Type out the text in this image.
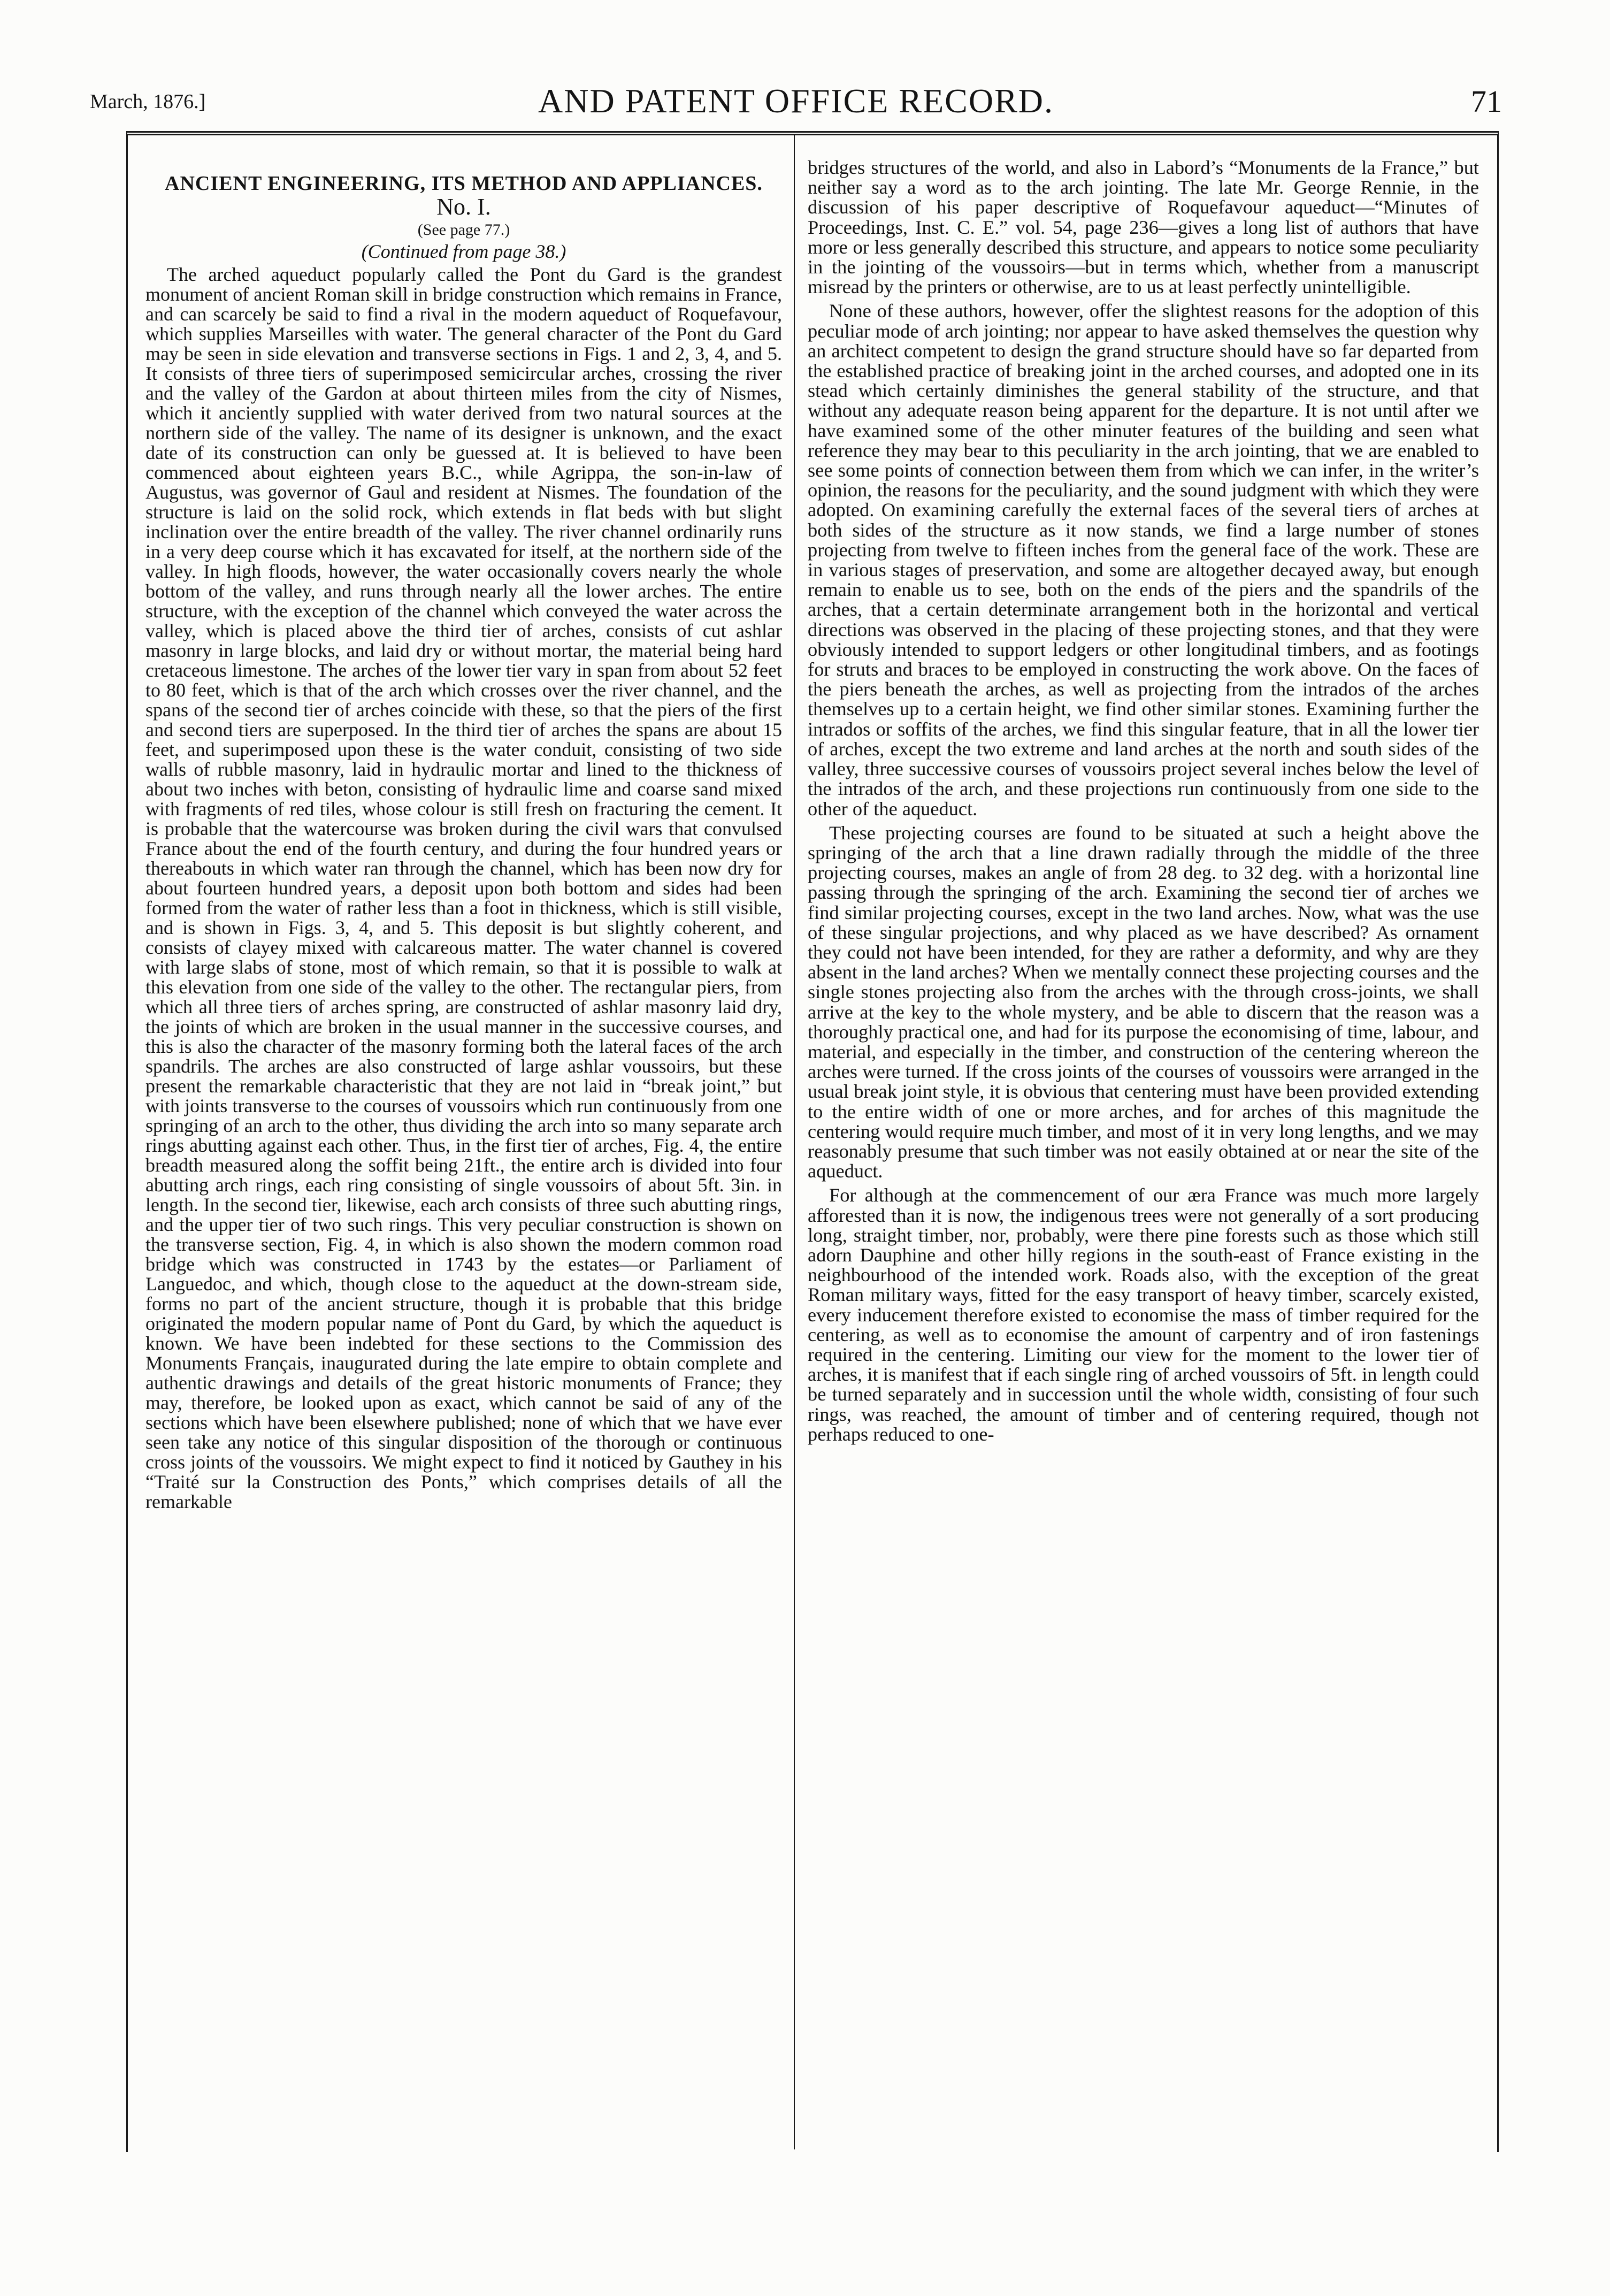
March, 1876.]	AND PATENT OFFICE RECORD.	71
ANCIENT ENGINEERING, ITS METHOD AND APPLIANCES.
No. I.
(See page 77.)
(Continued from page 38.)

The arched aqueduct popularly called the Pont du Gard is the grandest monument of ancient Roman skill in bridge construction which remains in France, and can scarcely be said to find a rival in the modern aqueduct of Roquefavour, which supplies Marseilles with water. The general character of the Pont du Gard may be seen in side elevation and transverse sections in Figs. 1 and 2, 3, 4, and 5. It consists of three tiers of superimposed semicircular arches, crossing the river and the valley of the Gardon at about thirteen miles from the city of Nismes, which it anciently supplied with water derived from two natural sources at the northern side of the valley. The name of its designer is unknown, and the exact date of its construction can only be guessed at. It is believed to have been commenced about eighteen years B.C., while Agrippa, the son-in-law of Augustus, was governor of Gaul and resident at Nismes. The foundation of the structure is laid on the solid rock, which extends in flat beds with but slight inclination over the entire breadth of the valley. The river channel ordinarily runs in a very deep course which it has excavated for itself, at the northern side of the valley. In high floods, however, the water occasionally covers nearly the whole bottom of the valley, and runs through nearly all the lower arches. The entire structure, with the exception of the channel which conveyed the water across the valley, which is placed above the third tier of arches, consists of cut ashlar masonry in large blocks, and laid dry or without mortar, the material being hard cretaceous limestone. The arches of the lower tier vary in span from about 52 feet to 80 feet, which is that of the arch which crosses over the river channel, and the spans of the second tier of arches coincide with these, so that the piers of the first and second tiers are superposed. In the third tier of arches the spans are about 15 feet, and superimposed upon these is the water conduit, consisting of two side walls of rubble masonry, laid in hydraulic mortar and lined to the thickness of about two inches with beton, consisting of hydraulic lime and coarse sand mixed with fragments of red tiles, whose colour is still fresh on fracturing the cement. It is probable that the watercourse was broken during the civil wars that convulsed France about the end of the fourth century, and during the four hundred years or thereabouts in which water ran through the channel, which has been now dry for about fourteen hundred years, a deposit upon both bottom and sides had been formed from the water of rather less than a foot in thickness, which is still visible, and is shown in Figs. 3, 4, and 5. This deposit is but slightly coherent, and consists of clayey mixed with calcareous matter. The water channel is covered with large slabs of stone, most of which remain, so that it is possible to walk at this elevation from one side of the valley to the other. The rectangular piers, from which all three tiers of arches spring, are constructed of ashlar masonry laid dry, the joints of which are broken in the usual manner in the successive courses, and this is also the character of the masonry forming both the lateral faces of the arch spandrils. The arches are also constructed of large ashlar voussoirs, but these present the remarkable characteristic that they are not laid in “break joint,” but with joints transverse to the courses of voussoirs which run continuously from one springing of an arch to the other, thus dividing the arch into so many separate arch rings abutting against each other. Thus, in the first tier of arches, Fig. 4, the entire breadth measured along the soffit being 21ft., the entire arch is divided into four abutting arch rings, each ring consisting of single voussoirs of about 5ft. 3in. in length. In the second tier, likewise, each arch consists of three such abutting rings, and the upper tier of two such rings. This very peculiar construction is shown on the transverse section, Fig. 4, in which is also shown the modern common road bridge which was constructed in 1743 by the estates—or Parliament of Languedoc, and which, though close to the aqueduct at the down-stream side, forms no part of the ancient structure, though it is probable that this bridge originated the modern popular name of Pont du Gard, by which the aqueduct is known. We have been indebted for these sections to the Commission des Monuments Français, inaugurated during the late empire to obtain complete and authentic drawings and details of the great historic monuments of France; they may, therefore, be looked upon as exact, which cannot be said of any of the sections which have been elsewhere published; none of which that we have ever seen take any notice of this singular disposition of the thorough or continuous cross joints of the voussoirs. We might expect to find it noticed by Gauthey in his “Traité sur la Construction des Ponts,” which comprises details of all the remarkable

bridges structures of the world, and also in Labord’s “Monuments de la France,” but neither say a word as to the arch jointing. The late Mr. George Rennie, in the discussion of his paper descriptive of Roquefavour aqueduct—“Minutes of Proceedings, Inst. C. E.” vol. 54, page 236—gives a long list of authors that have more or less generally described this structure, and appears to notice some peculiarity in the jointing of the voussoirs—but in terms which, whether from a manuscript misread by the printers or otherwise, are to us at least perfectly unintelligible.

None of these authors, however, offer the slightest reasons for the adoption of this peculiar mode of arch jointing; nor appear to have asked themselves the question why an architect competent to design the grand structure should have so far departed from the established practice of breaking joint in the arched courses, and adopted one in its stead which certainly diminishes the general stability of the structure, and that without any adequate reason being apparent for the departure. It is not until after we have examined some of the other minuter features of the building and seen what reference they may bear to this peculiarity in the arch jointing, that we are enabled to see some points of connection between them from which we can infer, in the writer’s opinion, the reasons for the peculiarity, and the sound judgment with which they were adopted. On examining carefully the external faces of the several tiers of arches at both sides of the structure as it now stands, we find a large number of stones projecting from twelve to fifteen inches from the general face of the work. These are in various stages of preservation, and some are altogether decayed away, but enough remain to enable us to see, both on the ends of the piers and the spandrils of the arches, that a certain determinate arrangement both in the horizontal and vertical directions was observed in the placing of these projecting stones, and that they were obviously intended to support ledgers or other longitudinal timbers, and as footings for struts and braces to be employed in constructing the work above. On the faces of the piers beneath the arches, as well as projecting from the intrados of the arches themselves up to a certain height, we find other similar stones. Examining further the intrados or soffits of the arches, we find this singular feature, that in all the lower tier of arches, except the two extreme and land arches at the north and south sides of the valley, three successive courses of voussoirs project several inches below the level of the intrados of the arch, and these projections run continuously from one side to the other of the aqueduct.

These projecting courses are found to be situated at such a height above the springing of the arch that a line drawn radially through the middle of the three projecting courses, makes an angle of from 28 deg. to 32 deg. with a horizontal line passing through the springing of the arch. Examining the second tier of arches we find similar projecting courses, except in the two land arches. Now, what was the use of these singular projections, and why placed as we have described? As ornament they could not have been intended, for they are rather a deformity, and why are they absent in the land arches? When we mentally connect these projecting courses and the single stones projecting also from the arches with the through cross-joints, we shall arrive at the key to the whole mystery, and be able to discern that the reason was a thoroughly practical one, and had for its purpose the economising of time, labour, and material, and especially in the timber, and construction of the centering whereon the arches were turned. If the cross joints of the courses of voussoirs were arranged in the usual break joint style, it is obvious that centering must have been provided extending to the entire width of one or more arches, and for arches of this magnitude the centering would require much timber, and most of it in very long lengths, and we may reasonably presume that such timber was not easily obtained at or near the site of the aqueduct.

For although at the commencement of our æra France was much more largely afforested than it is now, the indigenous trees were not generally of a sort producing long, straight timber, nor, probably, were there pine forests such as those which still adorn Dauphine and other hilly regions in the south-east of France existing in the neighbourhood of the intended work. Roads also, with the exception of the great Roman military ways, fitted for the easy transport of heavy timber, scarcely existed, every inducement therefore existed to economise the mass of timber required for the centering, as well as to economise the amount of carpentry and of iron fastenings required in the centering. Limiting our view for the moment to the lower tier of arches, it is manifest that if each single ring of arched voussoirs of 5ft. in length could be turned separately and in succession until the whole width, consisting of four such rings, was reached, the amount of timber and of centering required, though not perhaps reduced to one-
